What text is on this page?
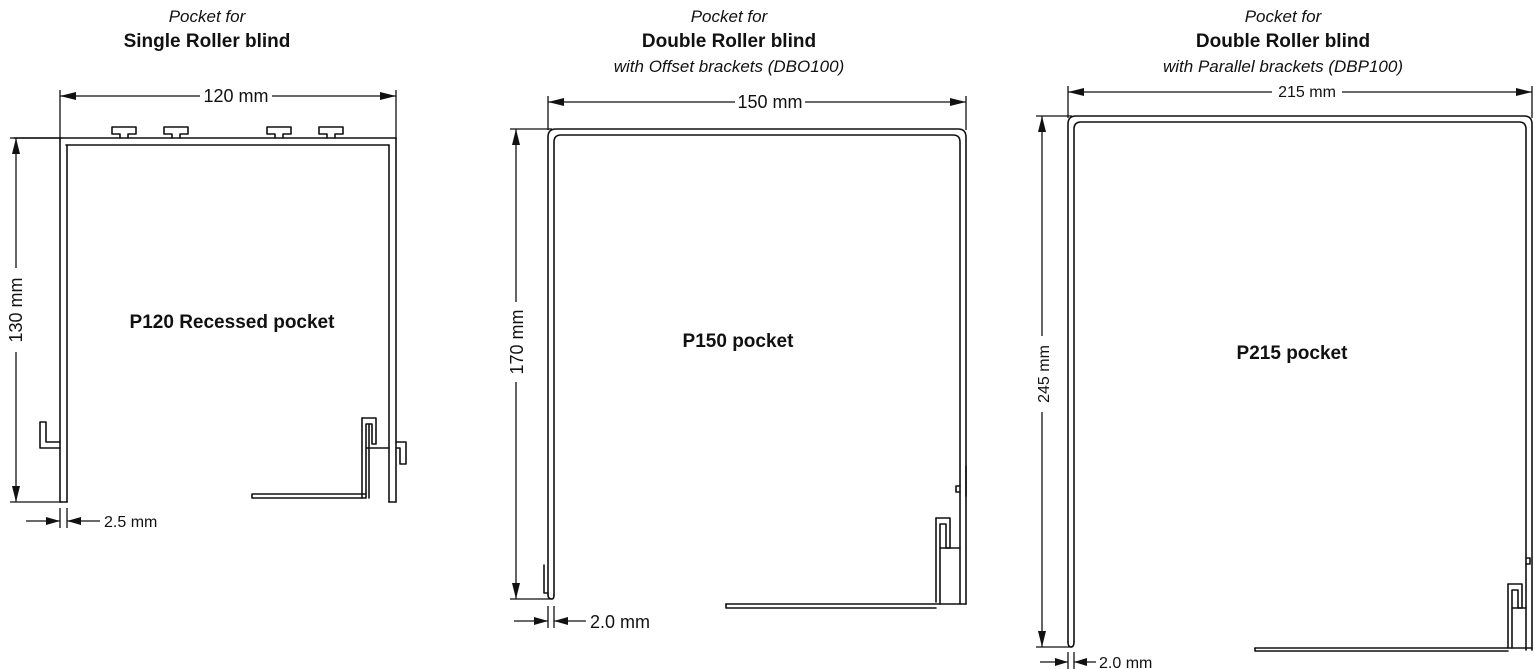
Pocket for
Single Roller blind
120 mm
130 mm	P120 Recessed pocket
2.5 mm
Pocket for
Double Roller blind
with Offset brackets (DBO100)
150 mm
170 mm	P150 pocket
2.0 mm
Pocket for
Double Roller blind
with Parallel brackets (DBP100)
215 mm
245 mm	P215 pocket
2.0 mm
